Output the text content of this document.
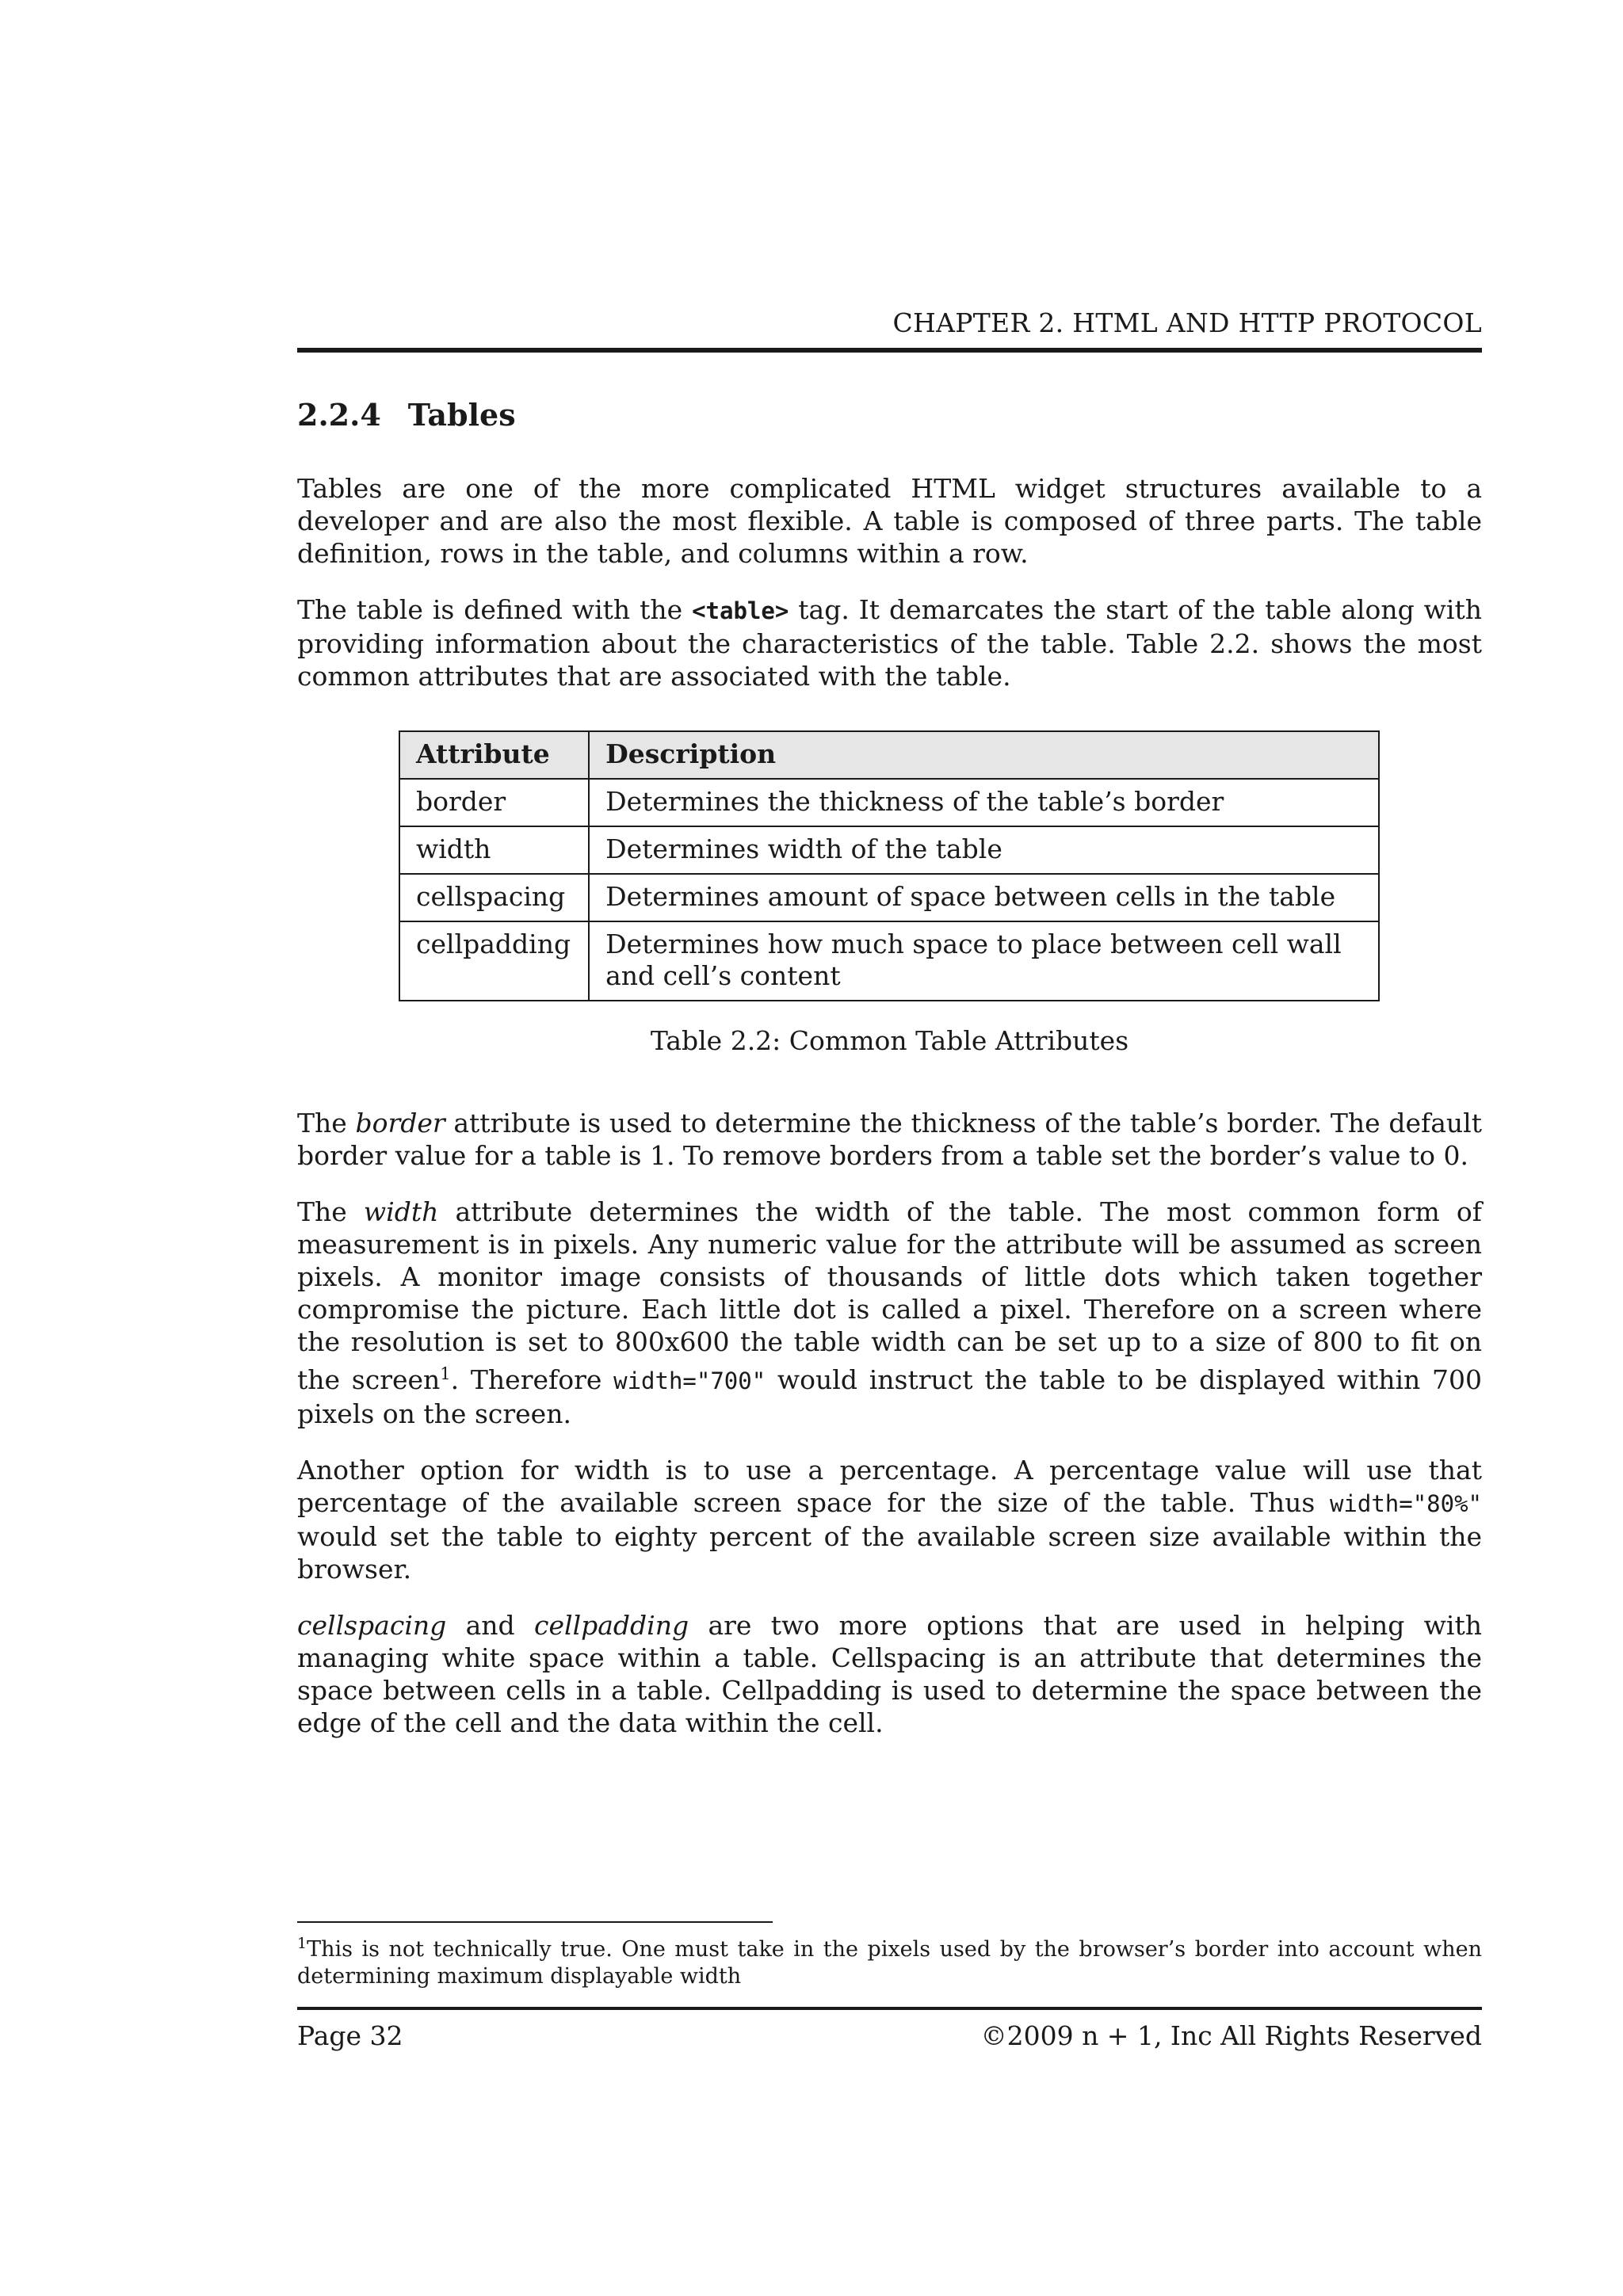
CHAPTER 2. HTML AND HTTP PROTOCOL
2.2.4 Tables

Tables are one of the more complicated HTML widget structures available to a developer and are also the most flexible. A table is composed of three parts. The table definition, rows in the table, and columns within a row.

The table is defined with the <table> tag. It demarcates the start of the table along with providing information about the characteristics of the table. Table 2.2. shows the most common attributes that are associated with the table.

Attribute	Description
border	Determines the thickness of the table’s border
width	Determines width of the table
cellspacing	Determines amount of space between cells in the table
cellpadding	Determines how much space to place between cell wall and cell’s content
Table 2.2: Common Table Attributes

The border attribute is used to determine the thickness of the table’s border. The default border value for a table is 1. To remove borders from a table set the border’s value to 0.

The width attribute determines the width of the table. The most common form of measurement is in pixels. Any numeric value for the attribute will be assumed as screen pixels. A monitor image consists of thousands of little dots which taken together compromise the picture. Each little dot is called a pixel. Therefore on a screen where the resolution is set to 800x600 the table width can be set up to a size of 800 to fit on the screen$^1$. Therefore width="700" would instruct the table to be displayed within 700 pixels on the screen.

Another option for width is to use a percentage. A percentage value will use that percentage of the available screen space for the size of the table. Thus width="80%" would set the table to eighty percent of the available screen size available within the browser.

cellspacing and cellpadding are two more options that are used in helping with managing white space within a table. Cellspacing is an attribute that determines the space between cells in a table. Cellpadding is used to determine the space between the edge of the cell and the data within the cell.

$^1$This is not technically true. One must take in the pixels used by the browser’s border into account when determining maximum displayable width
Page 32	©2009 n + 1, Inc All Rights Reserved
